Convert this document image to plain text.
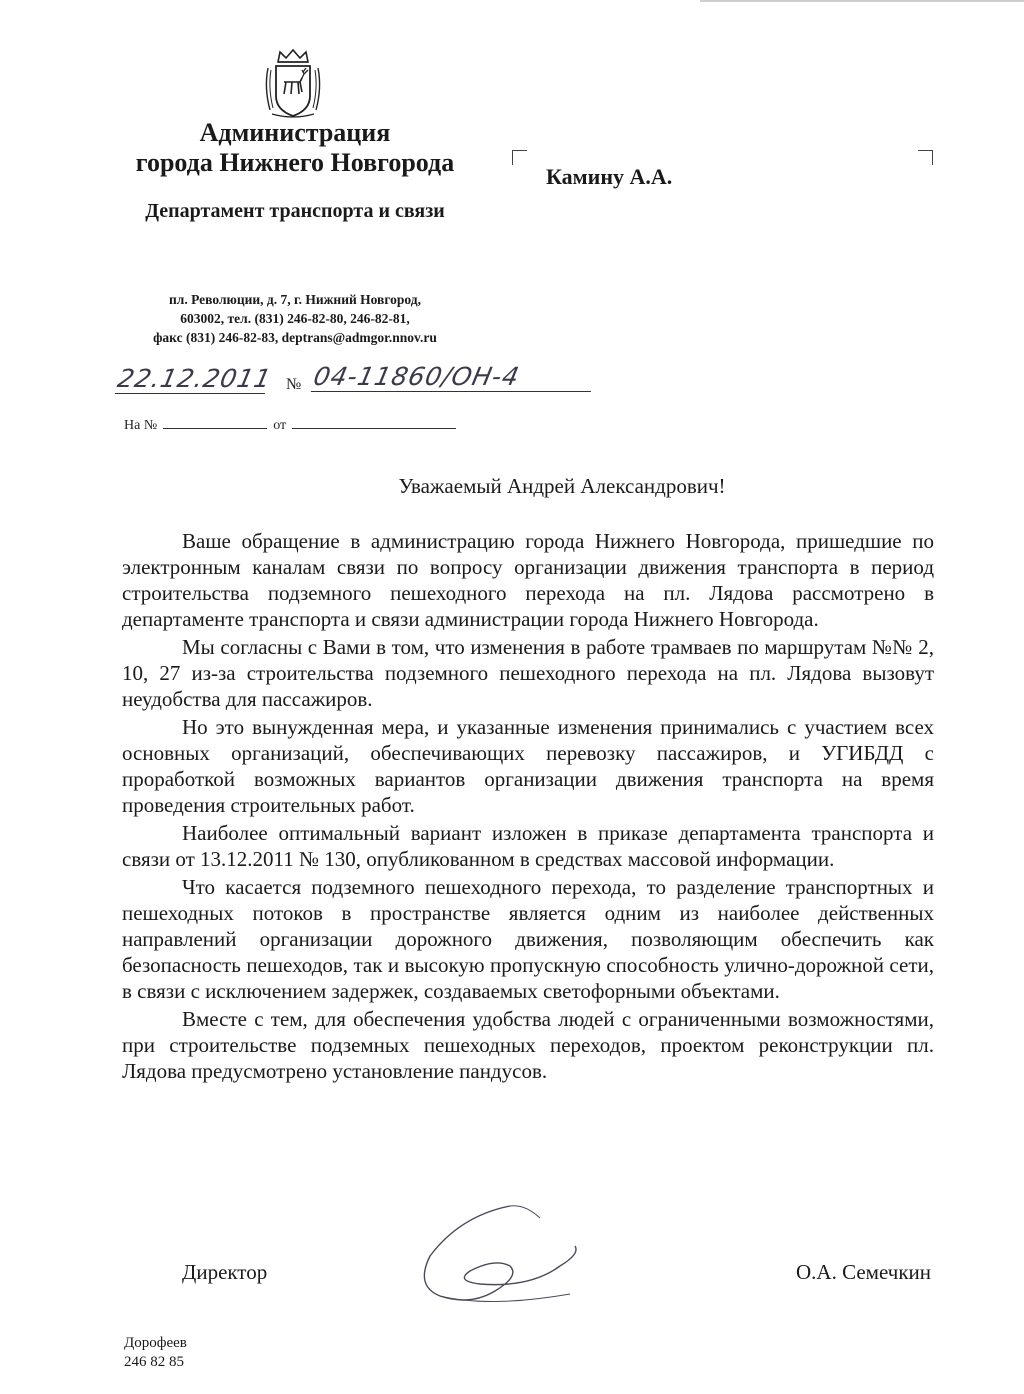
Администрация
города Нижнего Новгорода
Департамент транспорта и связи
пл. Революции, д. 7, г. Нижний Новгород,
603002, тел. (831) 246-82-80, 246-82-81,
факс (831) 246-82-83, deptrans@admgor.nnov.ru
Камину А.А.
22.12.2011 № 04-11860/ОН-4
На №	от
Уважаемый Андрей Александрович!

Ваше обращение в администрацию города Нижнего Новгорода, пришедшие по электронным каналам связи по вопросу организации движения транспорта в период строительства подземного пешеходного перехода на пл. Лядова рассмотрено в департаменте транспорта и связи администрации города Нижнего Новгорода.

Мы согласны с Вами в том, что изменения в работе трамваев по маршрутам №№ 2, 10, 27 из-за строительства подземного пешеходного перехода на пл. Лядова вызовут неудобства для пассажиров.

Но это вынужденная мера, и указанные изменения принимались с участием всех основных организаций, обеспечивающих перевозку пассажиров, и УГИБДД с проработкой возможных вариантов организации движения транспорта на время проведения строительных работ.

Наиболее оптимальный вариант изложен в приказе департамента транспорта и связи от 13.12.2011 № 130, опубликованном в средствах массовой информации.

Что касается подземного пешеходного перехода, то разделение транспортных и пешеходных потоков в пространстве является одним из наиболее действенных направлений организации дорожного движения, позволяющим обеспечить как безопасность пешеходов, так и высокую пропускную способность улично-дорожной сети, в связи с исключением задержек, создаваемых светофорными объектами.

Вместе с тем, для обеспечения удобства людей с ограниченными возможностями, при строительстве подземных пешеходных переходов, проектом реконструкции пл. Лядова предусмотрено установление пандусов.

Директор	О.А. Семечкин
Дорофеев
246 82 85
